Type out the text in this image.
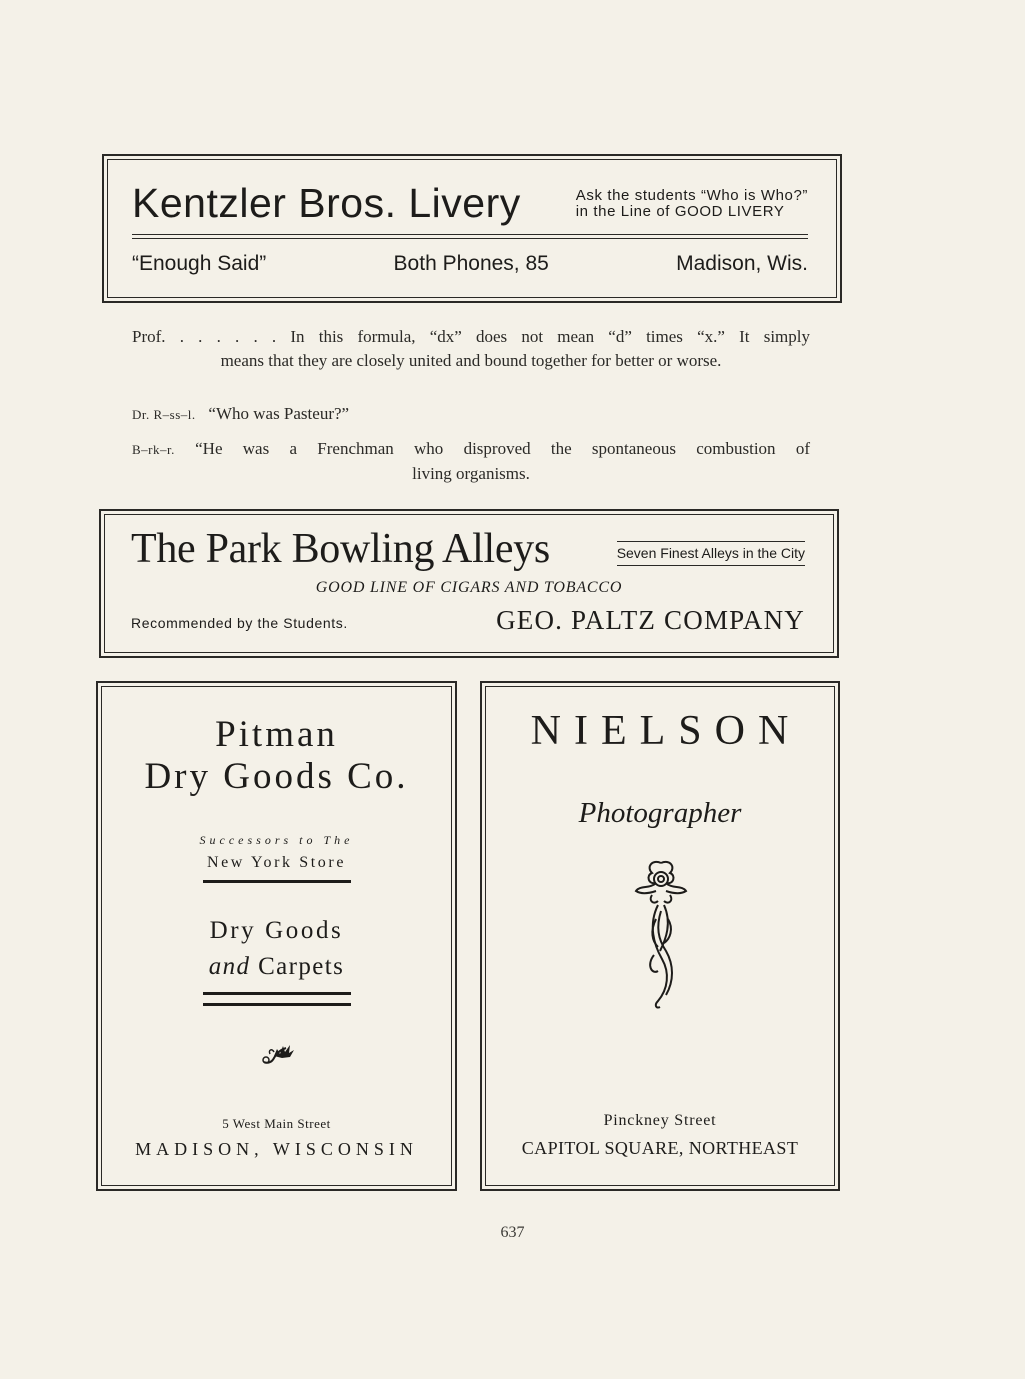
Kentzler Bros. Livery	Ask the students “Who is Who?”
in the Line of GOOD LIVERY
“Enough Said”	Both Phones, 85	Madison, Wis.
Prof. . . . . . . In this formula, “dx” does not mean “d” times “x.” It simply
means that they are closely united and bound together for better or worse.
Dr. R–ss–l. “Who was Pasteur?”
B–rk–r. “He was a Frenchman who disproved the spontaneous combustion of
living organisms.
The Park Bowling Alleys	Seven Finest Alleys in the City
GOOD LINE OF CIGARS AND TOBACCO
Recommended by the Students.	GEO. PALTZ COMPANY
Pitman
Dry Goods Co.
Successors to The
New York Store
Dry Goods
and Carpets
5 West Main Street
MADISON, WISCONSIN
NIELSON
Photographer
Pinckney Street
CAPITOL SQUARE, NORTHEAST
637
